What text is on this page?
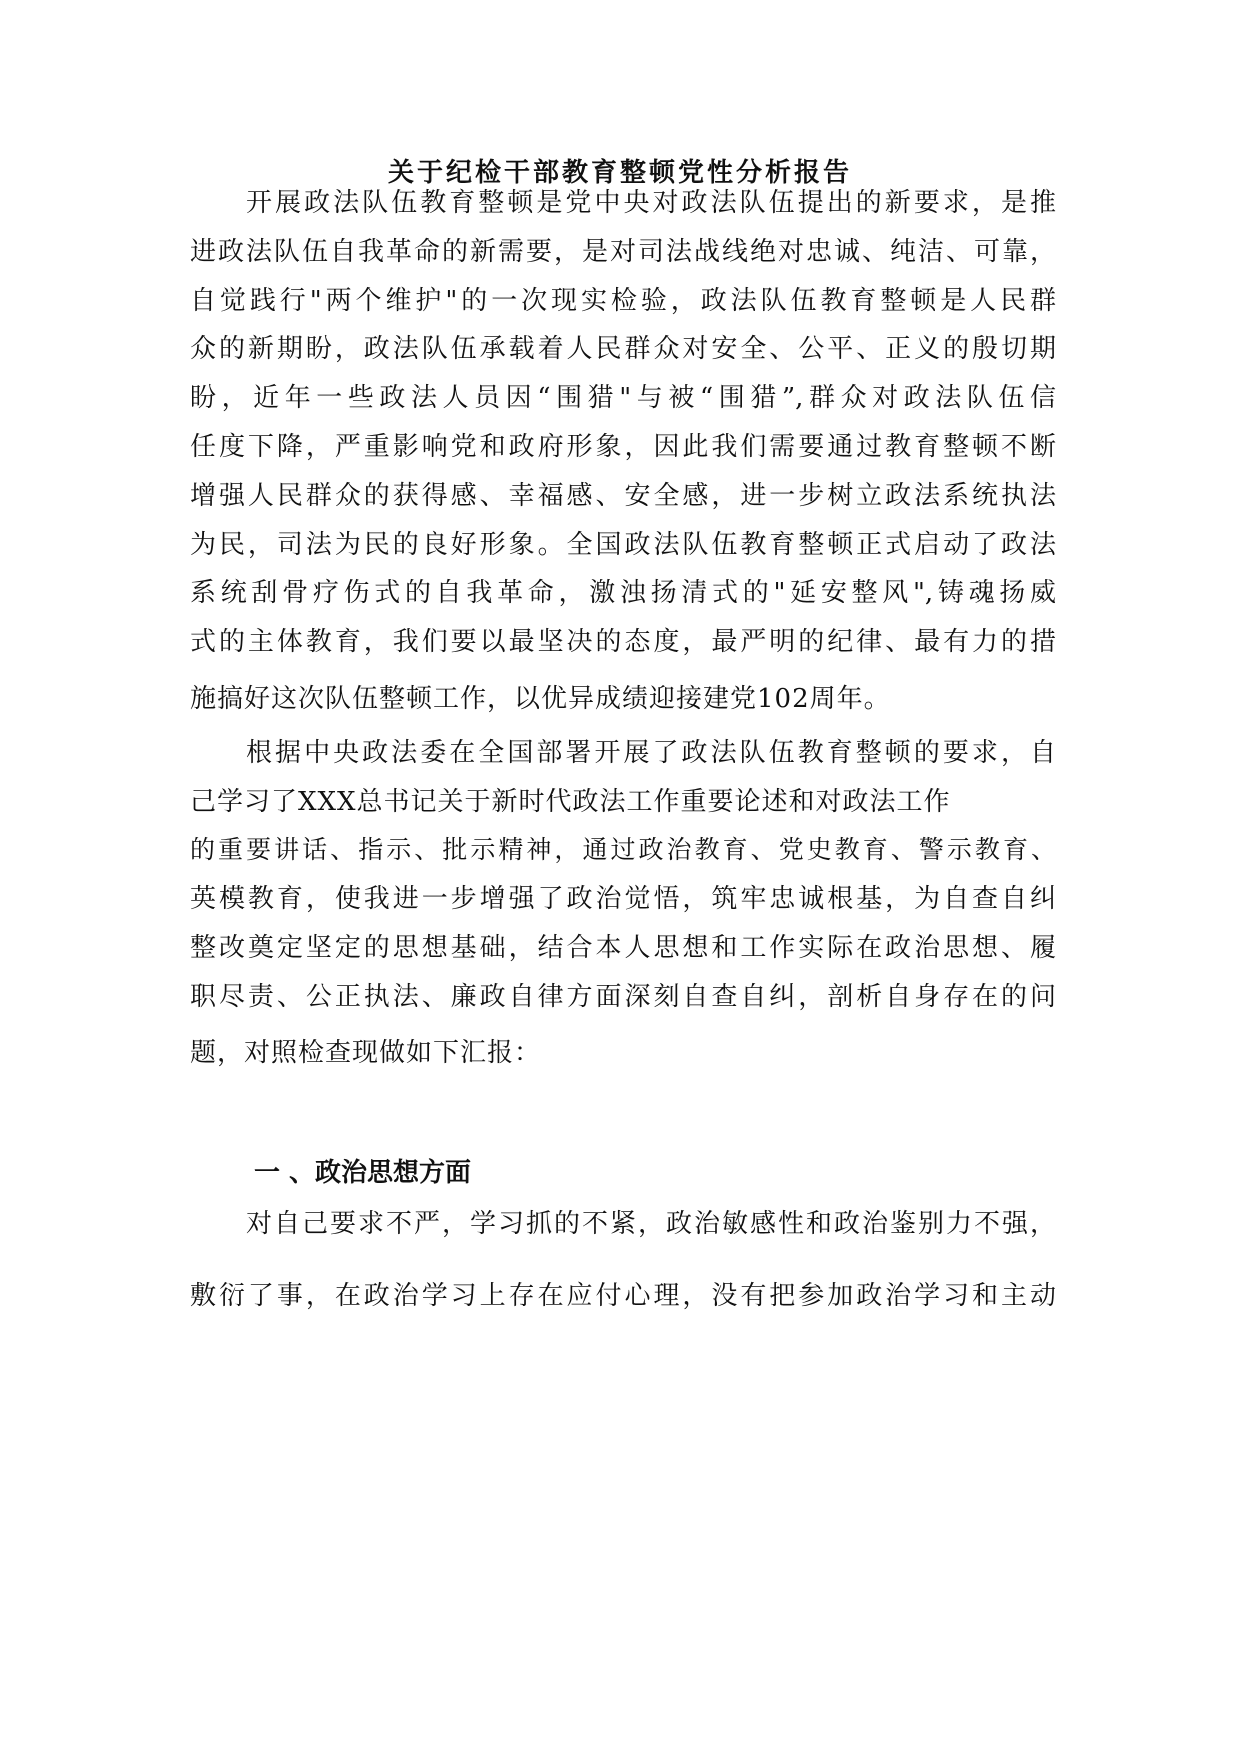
关于纪检干部教育整顿党性分析报告

开展政法队伍教育整顿是党中央对政法队伍提出的新要求，是推

进政法队伍自我革命的新需要，是对司法战线绝对忠诚、纯洁、可靠，

自觉践行"两个维护"的一次现实检验，政法队伍教育整顿是人民群

众的新期盼，政法队伍承载着人民群众对安全、公平、正义的殷切期

盼，近年一些政法人员因“围猎"与被“围猎”,群众对政法队伍信

任度下降，严重影响党和政府形象，因此我们需要通过教育整顿不断

增强人民群众的获得感、幸福感、安全感，进一步树立政法系统执法

为民，司法为民的良好形象。全国政法队伍教育整顿正式启动了政法

系统刮骨疗伤式的自我革命，激浊扬清式的"延安整风",铸魂扬威

式的主体教育，我们要以最坚决的态度，最严明的纪律、最有力的措

施搞好这次队伍整顿工作，以优异成绩迎接建党102周年。

根据中央政法委在全国部署开展了政法队伍教育整顿的要求，自

己学习了XXX总书记关于新时代政法工作重要论述和对政法工作

的重要讲话、指示、批示精神，通过政治教育、党史教育、警示教育、

英模教育，使我进一步增强了政治觉悟，筑牢忠诚根基，为自查自纠

整改奠定坚定的思想基础，结合本人思想和工作实际在政治思想、履

职尽责、公正执法、廉政自律方面深刻自查自纠，剖析自身存在的问

题，对照检查现做如下汇报：

一 、政治思想方面

对自己要求不严，学习抓的不紧，政治敏感性和政治鉴别力不强，

敷衍了事，在政治学习上存在应付心理，没有把参加政治学习和主动
